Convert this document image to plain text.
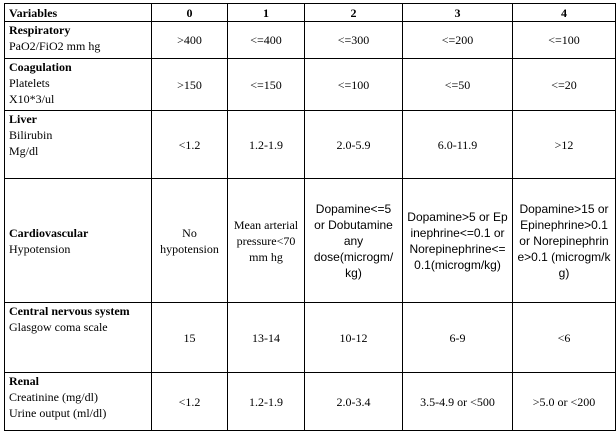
Variables	0	1	2	3	4

Respiratory
PaO2/FiO2 mm hg	>400	<=400	<=300	<=200	<=100

Coagulation
Platelets
X10*3/ul	>150	<=150	<=100	<=50	<=20

Liver
Bilirubin
Mg/dl	<1.2	1.2-1.9	2.0-5.9	6.0-11.9	>12

Cardiovascular
Hypotension	No hypotension	Mean arterial pressure<70 mm hg	Dopamine<=5 or Dobutamine any dose(microgm/ kg)	Dopamine>5 or Epinephrine<=0.1 or Norepinephrine<=0.1(microgm/kg)	Dopamine>15 or Epinephrine>0.1 or Norepinephrine>0.1 (microgm/kg)

Central nervous system
Glasgow coma scale	15	13-14	10-12	6-9	<6

Renal
Creatinine (mg/dl)
Urine output (ml/dl)	<1.2	1.2-1.9	2.0-3.4	3.5-4.9 or <500	>5.0 or <200
